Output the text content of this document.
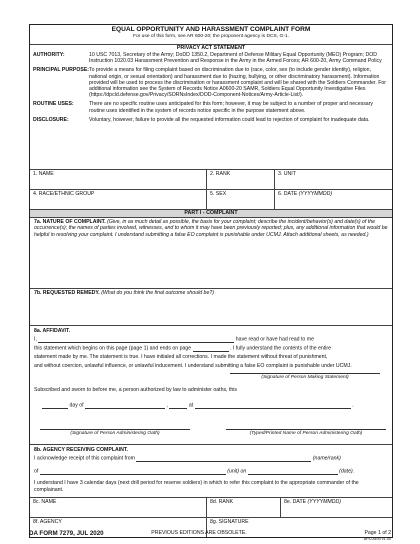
EQUAL OPPORTUNITY AND HARASSMENT COMPLAINT FORM
For use of this form, see AR 600-20; the proponent agency is DCS, G-1.
PRIVACY ACT STATEMENT
AUTHORITY:	10 USC 7013, Secretary of the Army; DoDD 1350.2, Department of Defense Military Equal Opportunity (MEO) Program; DOD Instruction 1020.03 Harassment Prevention and Response in the Army in the Armed Forces; AR 600-20, Army Command Policy
PRINCIPAL PURPOSE: To provide a means for filing complaint based on discrimination due to (race, color, sex (to include gender identity), religion, national origin, or sexual orientation) and harassment due to (hazing, bullying, or other discriminatory harassment). Information provided will be used to process the discrimination or harassment complaint and will be shared with the Soldiers Commander. For additional information see the System of Records Notice A0600-20 SAMR, Soldiers Equal Opportunity Investigative Files (https://dpcld.defense.gov/Privacy/SORNsIndex/DOD-Component-Notices/Army-Article-List/).
ROUTINE USES:	There are no specific routine uses anticipated for this form; however, it may be subject to a number of proper and necessary routine uses identified in the system of records notice specific in the purpose statement above.
DISCLOSURE:	Voluntary, however, failure to provide all the requested information could lead to rejection of complaint for inadequate data.
1. NAME	2. RANK	3. UNIT
4. RACE/ETHNIC GROUP	5. SEX	6. DATE (YYYYMMDD)
PART I - COMPLAINT
7a. NATURE OF COMPLAINT. (Give, in as much detail as possible, the basis for your complaint; describe the incident/behavior(s) and date(s) of the occurrence(s); the names of parties involved, witnesses, and to whom it may have been previously reported; plus, any additional information that would be helpful in resolving your complaint. I understand submitting a false EO complaint is punishable under UCMJ. Attach additional sheets, as needed.)
7b. REQUESTED REMEDY. (What do you think the final outcome should be?)
8a. AFFIDAVIT.
I,	have read or have had read to me
this statement which begins on this page (page 1) and ends on page	. I fully understand the contents of the entire
statement made by me. The statement is true. I have initialed all corrections. I made the statement without threat of punishment,
and without coercion, unlawful influence, or unlawful inducement. I understand submitting a false EO complaint is punishable under UCMJ.
(Signature of Person Making Statement)
Subscribed and sworn to before me, a person authorized by law to administer oaths, this
day of	,	at	.
(Signature of Person Administering Oath)	(Typed/Printed Name of Person Administering Oath)
8b. AGENCY RECEIVING COMPLAINT.
I acknowledge receipt of this complaint from	(name/rank)
of	(unit) on	(date).
I understand I have 3 calendar days (next drill period for reserve soldiers) in which to refer this complaint to the appropriate commander of the complainant.
8c. NAME	8d. RANK	8e. DATE (YYYYMMDD)
8f. AGENCY	8g. SIGNATURE
DA FORM 7279, JUL 2020	PREVIOUS EDITIONS ARE OBSOLETE.	Page 1 of 2
APD AEM v1.00
